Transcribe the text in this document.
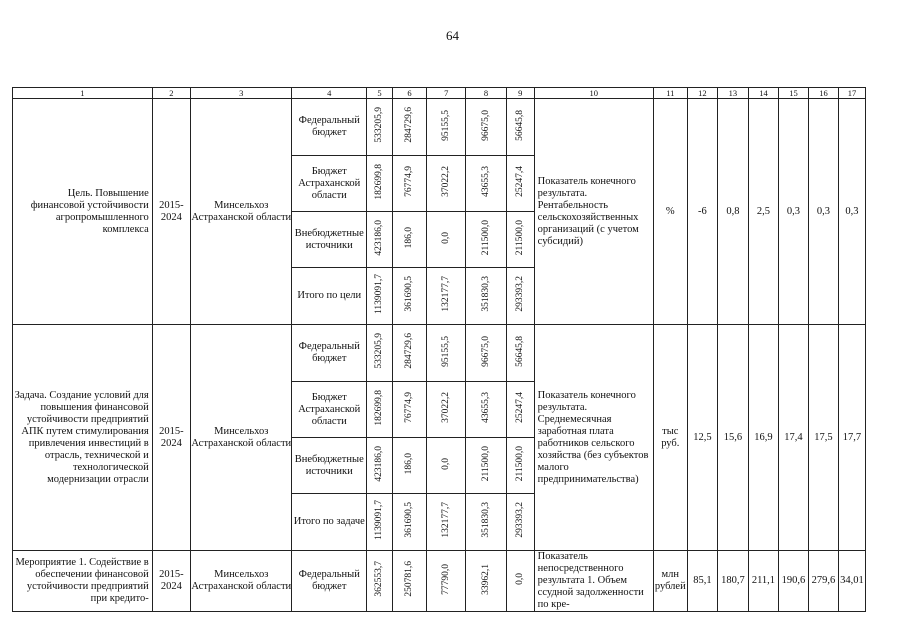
64
1	2	3	4	5	6	7	8	9	10	11	12	13	14	15	16	17
Цель. Повышение финансовой устойчивости агропромышленного комплекса	2015-2024	Минсельхоз Астраханской области	Федеральный бюджет	533205,9	284729,6	95155,5	96675,0	56645,8	Показатель конечного результата. Рентабельность сельскохозяйственных организаций (с учетом субсидий)	%	-6	0,8	2,5	0,3	0,3	0,3
			Бюджет Астраханской области	182699,8	76774,9	37022,2	43655,3	25247,4								
			Внебюджетные источники	423186,0	186,0	0,0	211500,0	211500,0								
			Итого по цели	1139091,7	361690,5	132177,7	351830,3	293393,2								
Задача. Создание условий для повышения финансовой устойчивости предприятий АПК путем стимулирования привлечения инвестиций в отрасль, технической и технологической модернизации отрасли	2015-2024	Минсельхоз Астраханской области	Федеральный бюджет	533205,9	284729,6	95155,5	96675,0	56645,8	Показатель конечного результата. Среднемесячная заработная плата работников сельского хозяйства (без субъектов малого предпринимательства)	тыс руб.	12,5	15,6	16,9	17,4	17,5	17,7
			Бюджет Астраханской области	182699,8	76774,9	37022,2	43655,3	25247,4								
			Внебюджетные источники	423186,0	186,0	0,0	211500,0	211500,0								
			Итого по задаче	1139091,7	361690,5	132177,7	351830,3	293393,2								
Мероприятие 1. Содействие в обеспечении финансовой устойчивости предприятий при кредито-	2015-2024	Минсельхоз Астраханской области	Федеральный бюджет	362553,7	250781,6	77790,0	33962,1	0,0	Показатель непосредственного результата 1. Объем ссудной задолженности по кре-	млн рублей	85,1	180,7	211,1	190,6	279,6	34,01
